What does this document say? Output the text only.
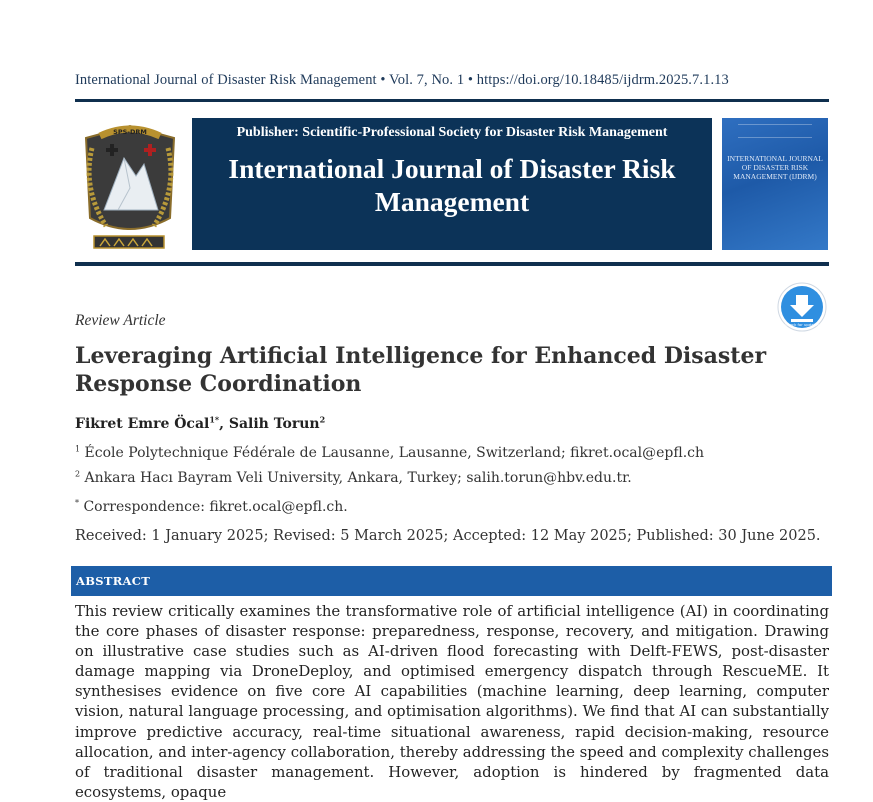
International Journal of Disaster Risk Management • Vol. 7, No. 1 • https://doi.org/10.18485/ijdrm.2025.7.1.13
SPS-DRM	Publisher: Scientific-Professional Society for Disaster Risk Management
International Journal of Disaster Risk Management
INTERNATIONAL JOURNAL OF DISASTER RISK MANAGEMENT (IJDRM)
Check for updates
Review Article
Leveraging Artificial Intelligence for Enhanced Disaster Response Coordination
Fikret Emre Öcal$^{1*}$, Salih Torun$^2$
$^1$ École Polytechnique Fédérale de Lausanne, Lausanne, Switzerland; fikret.ocal@epfl.ch
$^2$ Ankara Hacı Bayram Veli University, Ankara, Turkey; salih.torun@hbv.edu.tr.
* Correspondence: fikret.ocal@epfl.ch.
Received: 1 January 2025; Revised: 5 March 2025; Accepted: 12 May 2025; Published: 30 June 2025.
ABSTRACT
This review critically examines the transformative role of artificial intelligence (AI) in coordinating the core phases of disaster response: preparedness, response, recovery, and mitigation. Drawing on illustrative case studies such as AI-driven flood forecasting with Delft-FEWS, post-disaster damage mapping via DroneDeploy, and optimised emergency dispatch through RescueME. It synthesises evidence on five core AI capabilities (machine learning, deep learning, computer vision, natural language processing, and optimisation algorithms). We find that AI can substantially improve predictive accuracy, real-time situational awareness, rapid decision-making, resource allocation, and inter-agency collaboration, thereby addressing the speed and complexity challenges of traditional disaster management. However, adoption is hindered by fragmented data ecosystems, opaque
